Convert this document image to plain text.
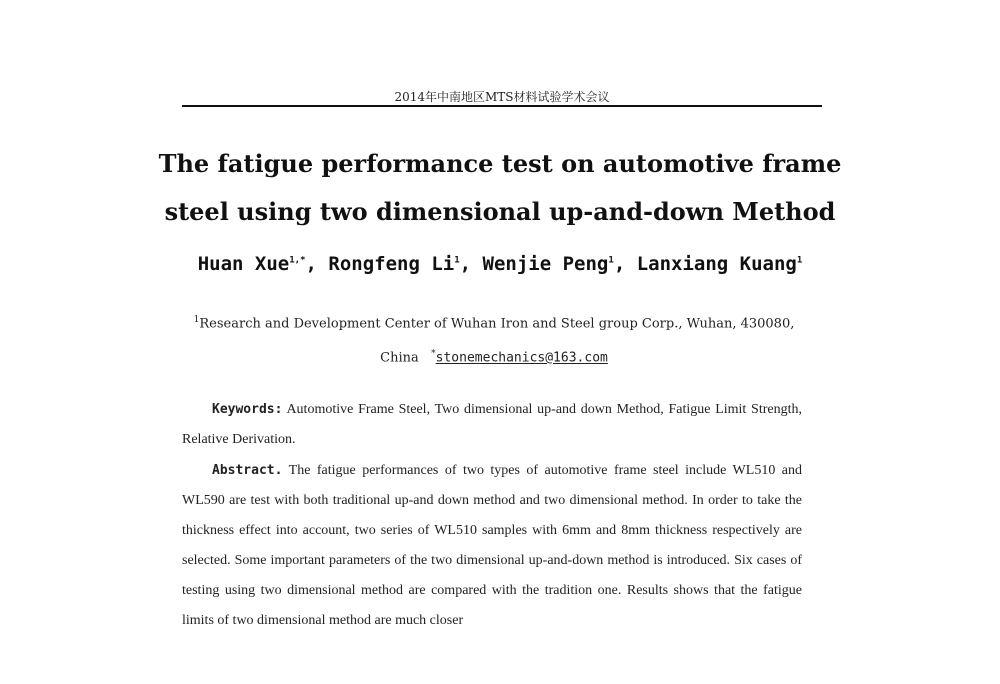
2014年中南地区MTS材料试验学术会议
The fatigue performance test on automotive frame
steel using two dimensional up-and-down Method
Huan Xue$^{1,*}$, Rongfeng Li$^1$, Wenjie Peng$^1$, Lanxiang Kuang$^1$
$^1$Research and Development Center of Wuhan Iron and Steel group Corp., Wuhan, 430080,
China *stonemechanics@163.com
Keywords: Automotive Frame Steel, Two dimensional up-and down Method, Fatigue Limit Strength, Relative Derivation.
Abstract. The fatigue performances of two types of automotive frame steel include WL510 and WL590 are test with both traditional up-and down method and two dimensional method. In order to take the thickness effect into account, two series of WL510 samples with 6mm and 8mm thickness respectively are selected. Some important parameters of the two dimensional up-and-down method is introduced. Six cases of testing using two dimensional method are compared with the tradition one. Results shows that the fatigue limits of two dimensional method are much closer
